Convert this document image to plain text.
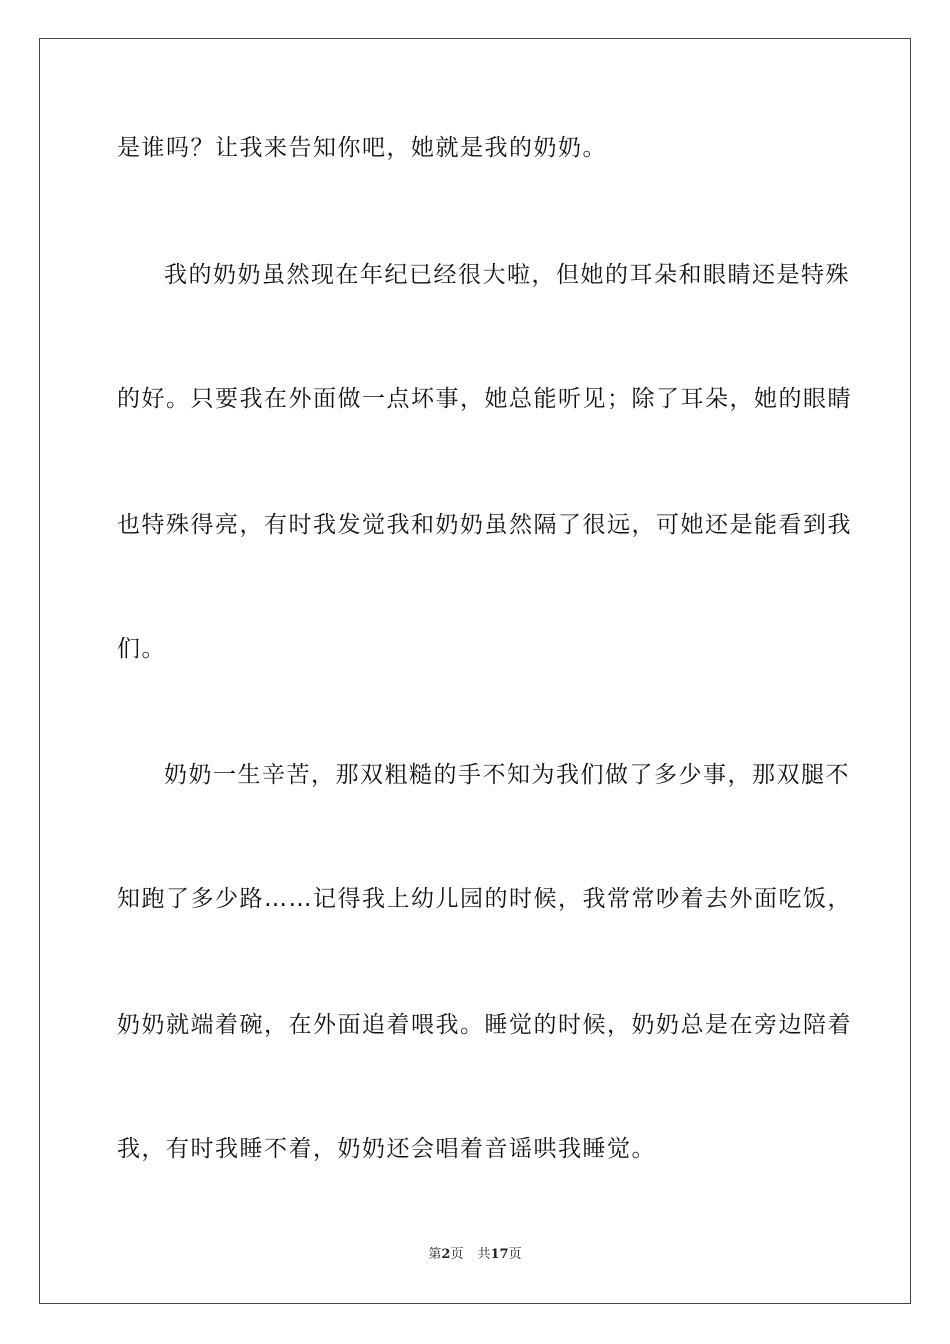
是谁吗？让我来告知你吧，她就是我的奶奶。
我的奶奶虽然现在年纪已经很大啦，但她的耳朵和眼睛还是特殊
的好。只要我在外面做一点坏事，她总能听见；除了耳朵，她的眼睛
也特殊得亮，有时我发觉我和奶奶虽然隔了很远，可她还是能看到我
们。
奶奶一生辛苦，那双粗糙的手不知为我们做了多少事，那双腿不
知跑了多少路……记得我上幼儿园的时候，我常常吵着去外面吃饭，
奶奶就端着碗，在外面追着喂我。睡觉的时候，奶奶总是在旁边陪着
我，有时我睡不着，奶奶还会唱着音谣哄我睡觉。
第2页 共17页
